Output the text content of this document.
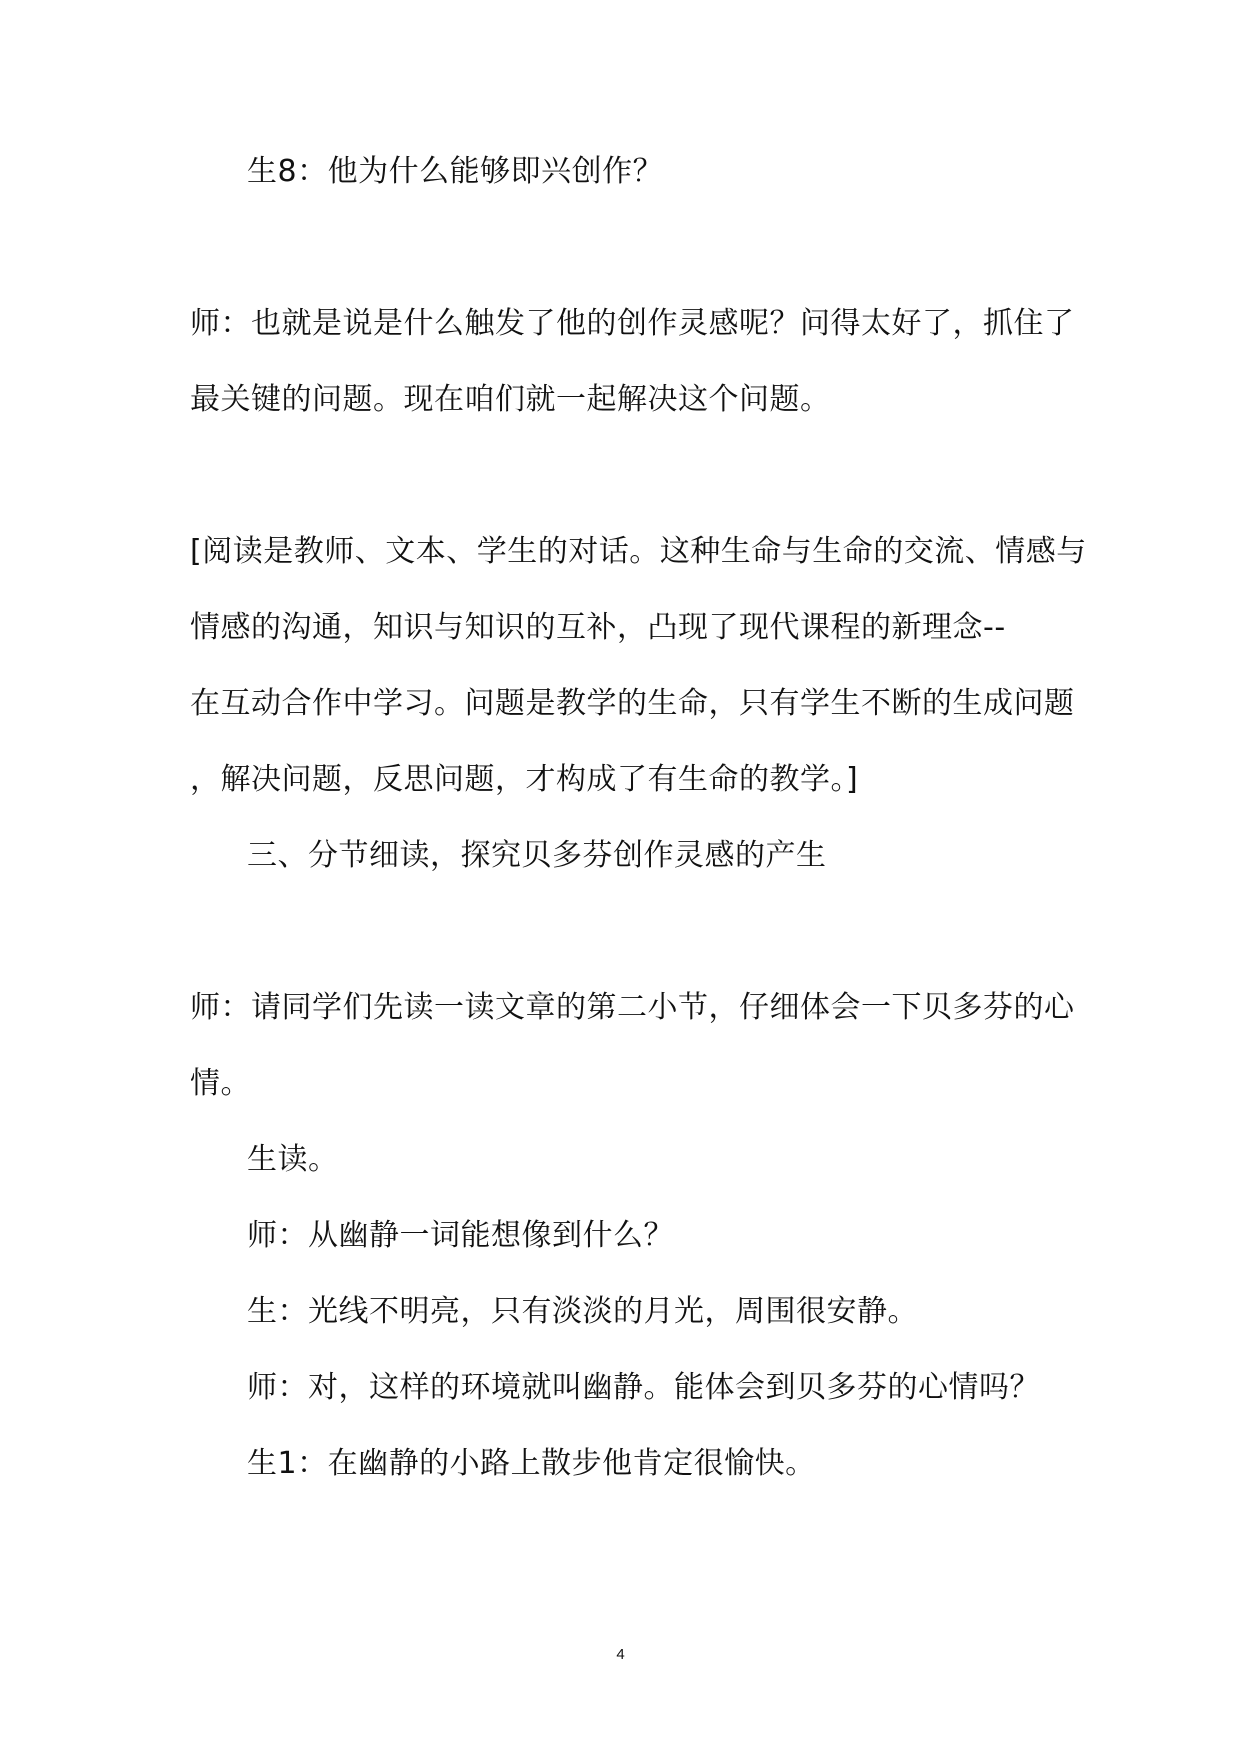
生8：他为什么能够即兴创作？

师：也就是说是什么触发了他的创作灵感呢？问得太好了，抓住了

最关键的问题。现在咱们就一起解决这个问题。

[阅读是教师、文本、学生的对话。这种生命与生命的交流、情感与

情感的沟通，知识与知识的互补，凸现了现代课程的新理念--

在互动合作中学习。问题是教学的生命，只有学生不断的生成问题

，解决问题，反思问题，才构成了有生命的教学。]

三、分节细读，探究贝多芬创作灵感的产生

师：请同学们先读一读文章的第二小节，仔细体会一下贝多芬的心

情。

生读。

师：从幽静一词能想像到什么？

生：光线不明亮，只有淡淡的月光，周围很安静。

师：对，这样的环境就叫幽静。能体会到贝多芬的心情吗？

生1：在幽静的小路上散步他肯定很愉快。

4
